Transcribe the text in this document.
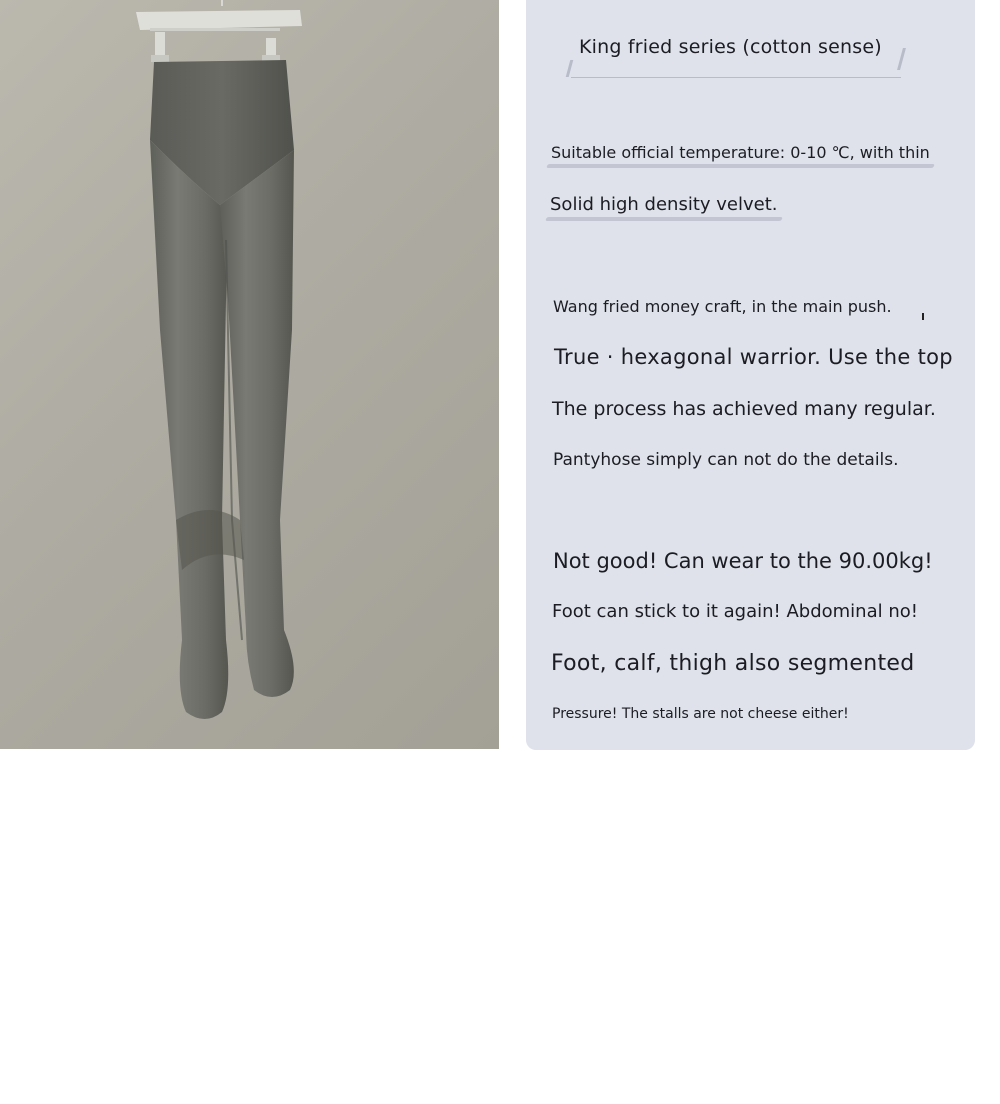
King fried series (cotton sense)
Suitable official temperature: 0-10 ℃, with thin
Solid high density velvet.
Wang fried money craft, in the main push.
True · hexagonal warrior. Use the top
The process has achieved many regular.
Pantyhose simply can not do the details.
Not good! Can wear to the 90.00kg!
Foot can stick to it again! Abdominal no!
Foot, calf, thigh also segmented
Pressure! The stalls are not cheese either!
